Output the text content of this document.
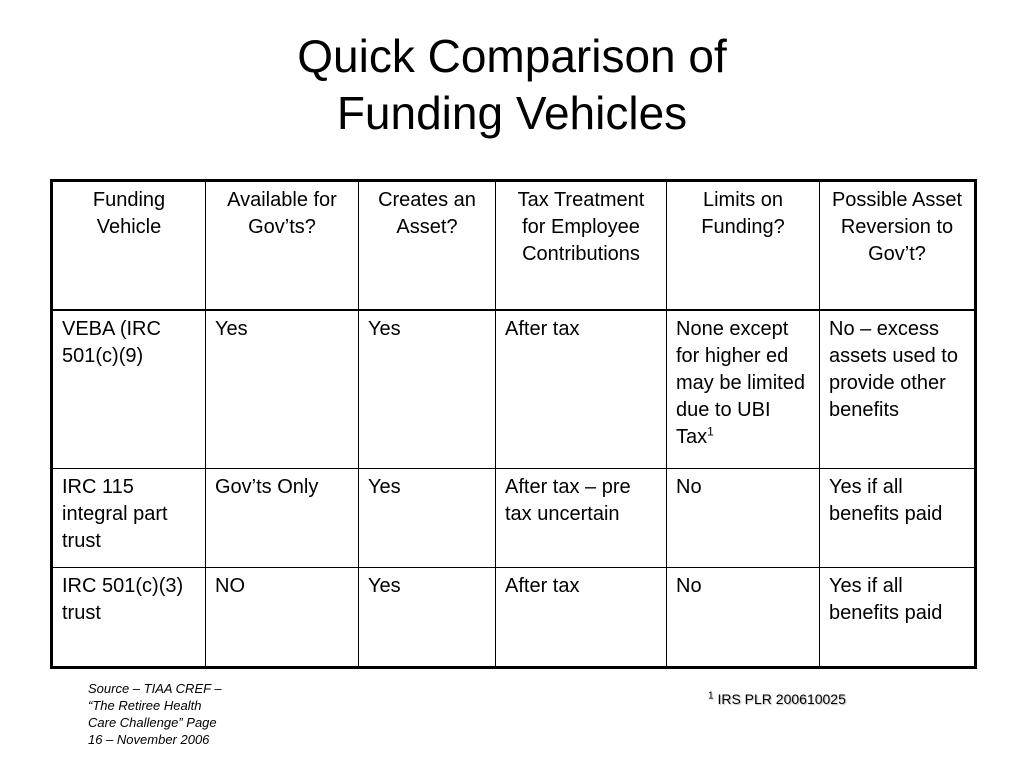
Quick Comparison of
Funding Vehicles
Funding Vehicle	Available for Gov’ts?	Creates an Asset?	Tax Treatment for Employee Contributions	Limits on Funding?	Possible Asset Reversion to Gov’t?
VEBA (IRC 501(c)(9)	Yes	Yes	After tax	None except for higher ed may be limited due to UBI Tax$^1$	No – excess assets used to provide other benefits
IRC 115 integral part trust	Gov’ts Only	Yes	After tax – pre tax uncertain	No	Yes if all benefits paid
IRC 501(c)(3) trust	NO	Yes	After tax	No	Yes if all benefits paid
Source – TIAA CREF –
“The Retiree Health
Care Challenge” Page
16 – November 2006
$^1$ IRS PLR 200610025
